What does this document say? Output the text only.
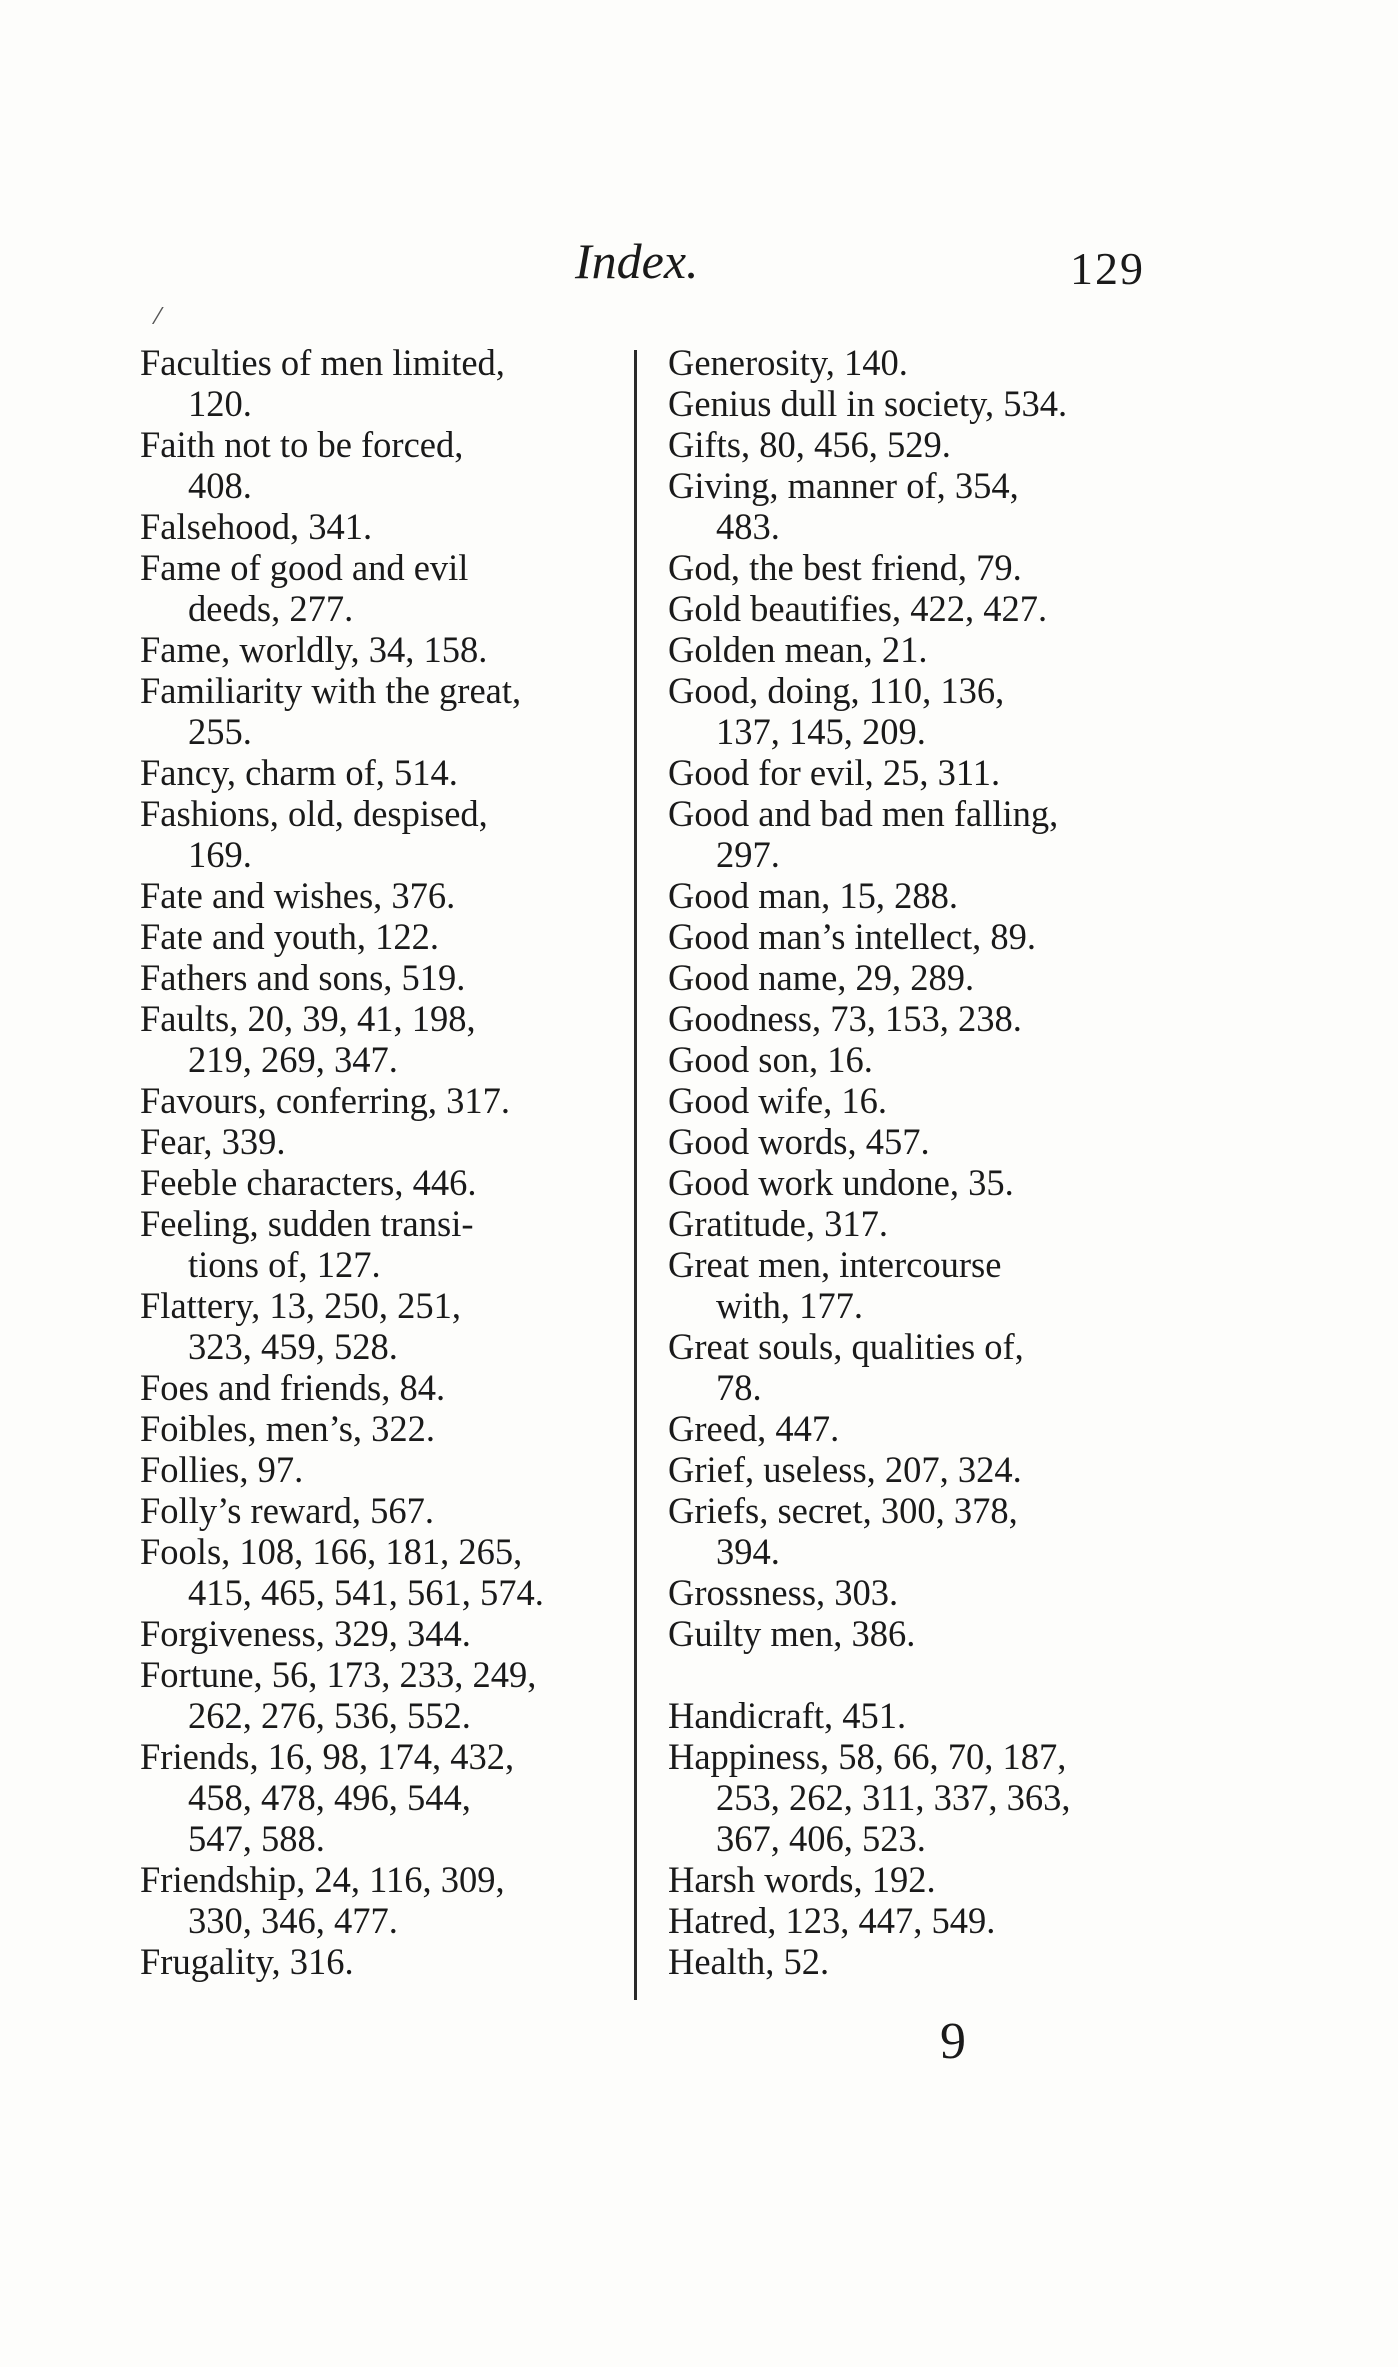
⁄
Index.	129
Faculties of men limited,
120.
Faith not to be forced,
408.
Falsehood, 341.
Fame of good and evil
deeds, 277.
Fame, worldly, 34, 158.
Familiarity with the great,
255.
Fancy, charm of, 514.
Fashions, old, despised,
169.
Fate and wishes, 376.
Fate and youth, 122.
Fathers and sons, 519.
Faults, 20, 39, 41, 198,
219, 269, 347.
Favours, conferring, 317.
Fear, 339.
Feeble characters, 446.
Feeling, sudden transi-
tions of, 127.
Flattery, 13, 250, 251,
323, 459, 528.
Foes and friends, 84.
Foibles, men’s, 322.
Follies, 97.
Folly’s reward, 567.
Fools, 108, 166, 181, 265,
415, 465, 541, 561, 574.
Forgiveness, 329, 344.
Fortune, 56, 173, 233, 249,
262, 276, 536, 552.
Friends, 16, 98, 174, 432,
458, 478, 496, 544,
547, 588.
Friendship, 24, 116, 309,
330, 346, 477.
Frugality, 316.
Generosity, 140.
Genius dull in society, 534.
Gifts, 80, 456, 529.
Giving, manner of, 354,
483.
God, the best friend, 79.
Gold beautifies, 422, 427.
Golden mean, 21.
Good, doing, 110, 136,
137, 145, 209.
Good for evil, 25, 311.
Good and bad men falling,
297.
Good man, 15, 288.
Good man’s intellect, 89.
Good name, 29, 289.
Goodness, 73, 153, 238.
Good son, 16.
Good wife, 16.
Good words, 457.
Good work undone, 35.
Gratitude, 317.
Great men, intercourse
with, 177.
Great souls, qualities of,
78.
Greed, 447.
Grief, useless, 207, 324.
Griefs, secret, 300, 378,
394.
Grossness, 303.
Guilty men, 386.
Handicraft, 451.
Happiness, 58, 66, 70, 187,
253, 262, 311, 337, 363,
367, 406, 523.
Harsh words, 192.
Hatred, 123, 447, 549.
Health, 52.
9
